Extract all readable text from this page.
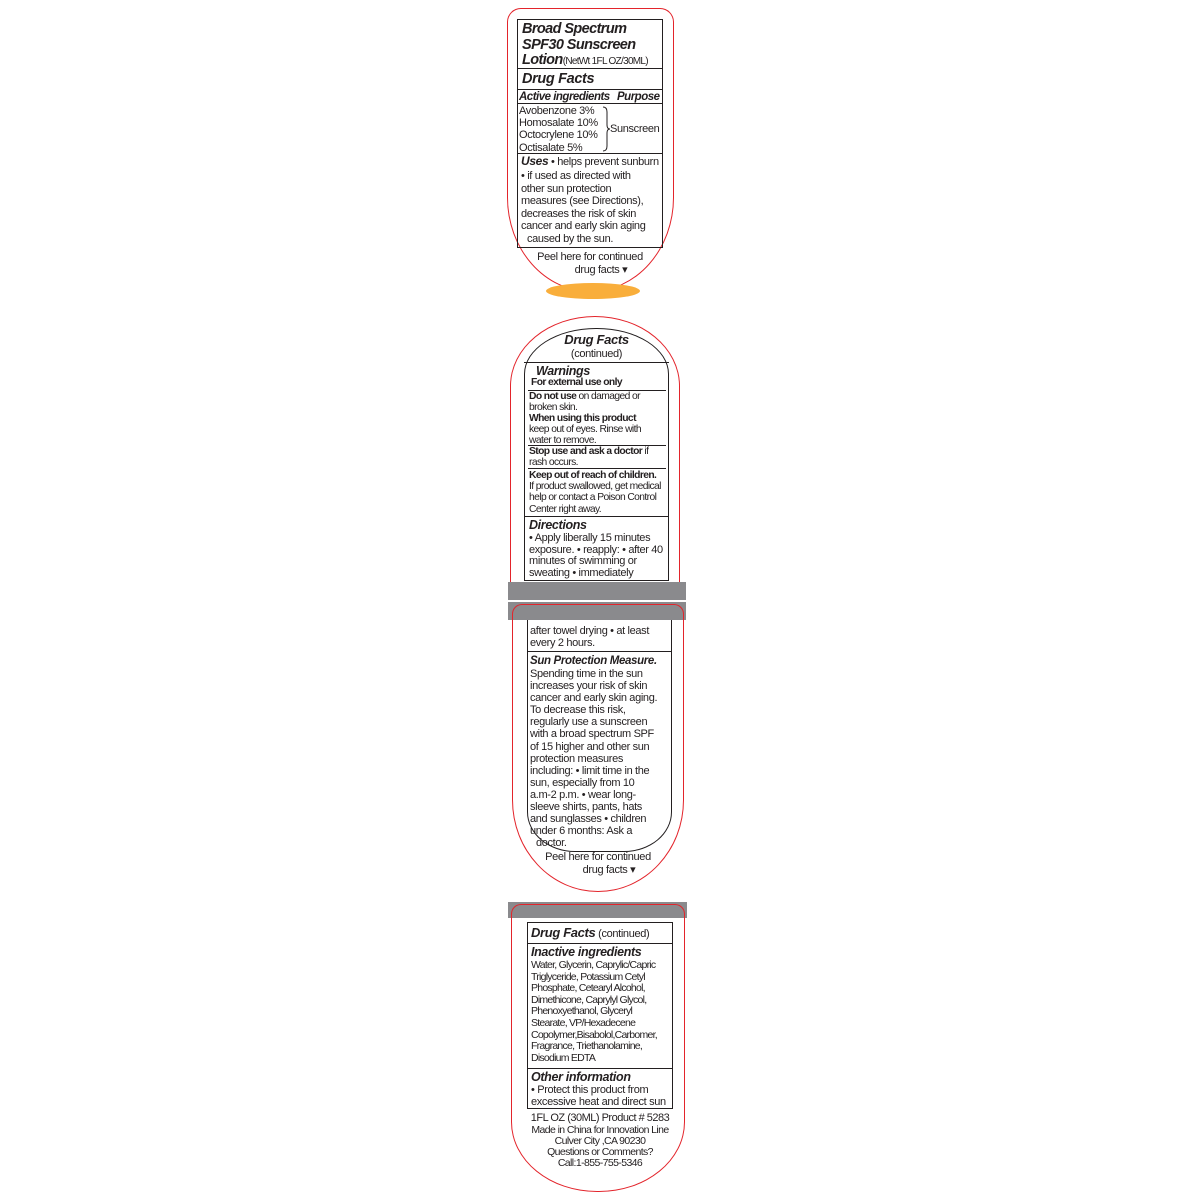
Broad Spectrum
SPF30 Sunscreen
Lotion(NetWt 1FL OZ/30ML)
Drug Facts
Active ingredients Purpose
Avobenzone 3%
Homosalate 10%
Octocrylene 10%
Octisalate 5%
Sunscreen
Uses • helps prevent sunburn
• if used as directed with
other sun protection
measures (see Directions),
decreases the risk of skin
cancer and early skin aging
caused by the sun.
Peel here for continued
drug facts ▾
Drug Facts
(continued)
Warnings
For external use only
Do not use on damaged or
broken skin.
When using this product
keep out of eyes. Rinse with
water to remove.
Stop use and ask a doctor if
rash occurs.
Keep out of reach of children.
If product swallowed, get medical
help or contact a Poison Control
Center right away.
Directions
• Apply liberally 15 minutes
exposure. • reapply: • after 40
minutes of swimming or
sweating • immediately
after towel drying • at least
every 2 hours.
Sun Protection Measure.
Spending time in the sun
increases your risk of skin
cancer and early skin aging.
To decrease this risk,
regularly use a sunscreen
with a broad spectrum SPF
of 15 higher and other sun
protection measures
including: • limit time in the
sun, especially from 10
a.m-2 p.m. • wear long-
sleeve shirts, pants, hats
and sunglasses • children
under 6 months: Ask a
doctor.
Peel here for continued
drug facts ▾
Drug Facts (continued)
Inactive ingredients
Water, Glycerin, Caprylic/Capric
Triglyceride, Potassium Cetyl
Phosphate, Cetearyl Alcohol,
Dimethicone, Caprylyl Glycol,
Phenoxyethanol, Glyceryl
Stearate, VP/Hexadecene
Copolymer,Bisabolol,Carbomer,
Fragrance, Triethanolamine,
Disodium EDTA
Other information
• Protect this product from
excessive heat and direct sun
1FL OZ (30ML) Product # 5283
Made in China for Innovation Line
Culver City ,CA 90230
Questions or Comments?
Call:1-855-755-5346
